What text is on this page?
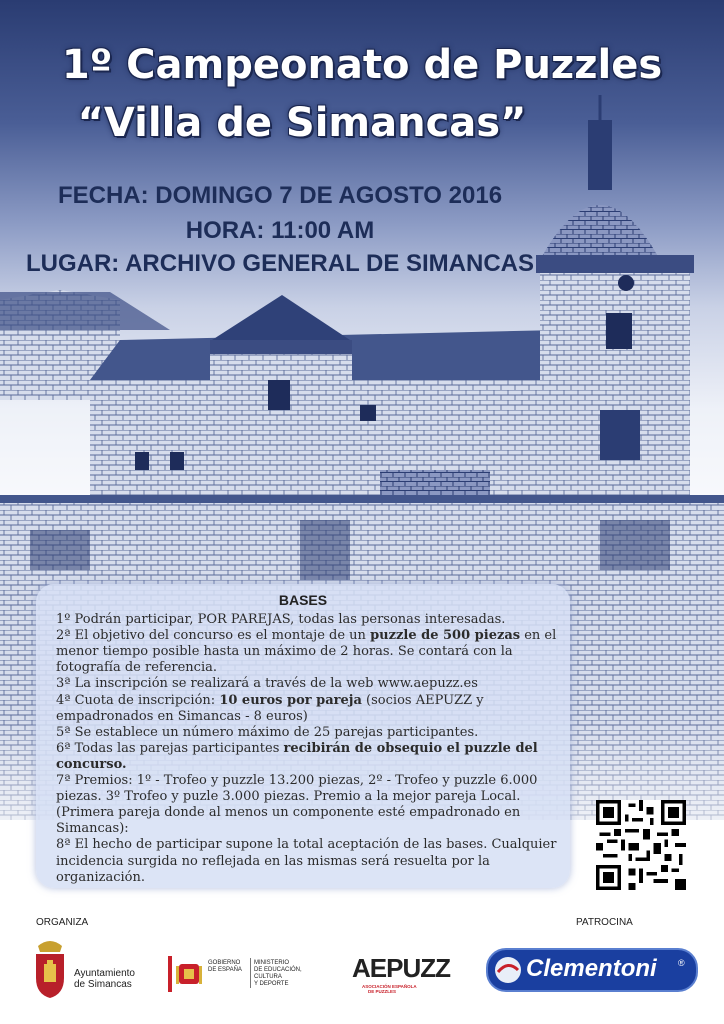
1º Campeonato de Puzzles
“Villa de Simancas”
FECHA: DOMINGO 7 DE AGOSTO 2016
HORA: 11:00 AM
LUGAR: ARCHIVO GENERAL DE SIMANCAS
BASES

1º Podrán participar, POR PAREJAS, todas las personas interesadas.

2ª El objetivo del concurso es el montaje de un puzzle de 500 piezas en el menor tiempo posible hasta un máximo de 2 horas. Se contará con la fotografía de referencia.

3ª La inscripción se realizará a través de la web www.aepuzz.es

4ª Cuota de inscripción: 10 euros por pareja (socios AEPUZZ y empadronados en Simancas - 8 euros)

5ª Se establece un número máximo de 25 parejas participantes.

6ª Todas las parejas participantes recibirán de obsequio el puzzle del concurso.

7ª Premios: 1º - Trofeo y puzzle 13.200 piezas, 2º - Trofeo y puzzle 6.000 piezas. 3º Trofeo y puzle 3.000 piezas. Premio a la mejor pareja Local. (Primera pareja donde al menos un componente esté empadronado en Simancas):

8ª El hecho de participar supone la total aceptación de las bases. Cualquier incidencia surgida no reflejada en las mismas será resuelta por la organización.

ORGANIZA	PATROCINA
Ayuntamiento
de Simancas
GOBIERNO
DE ESPAÑA
MINISTERIO
DE EDUCACIÓN, CULTURA
Y DEPORTE
AEPUZZ
ASOCIACIÓN ESPAÑOLA
DE PUZZLES
Clementoni ®
